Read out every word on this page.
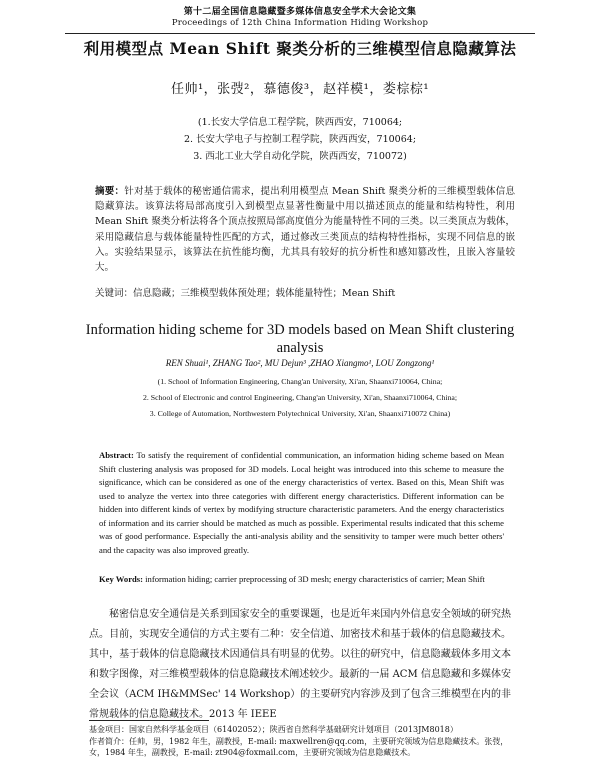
第十二届全国信息隐藏暨多媒体信息安全学术大会论文集
Proceedings of 12th China Information Hiding Workshop
利用模型点 Mean Shift 聚类分析的三维模型信息隐藏算法
任帅¹，张弢²，慕德俊³，赵祥模¹，娄棕棕¹
(1.长安大学信息工程学院，陕西西安，710064;
2. 长安大学电子与控制工程学院，陕西西安，710064;
3. 西北工业大学自动化学院，陕西西安，710072)
摘要：针对基于载体的秘密通信需求，提出利用模型点 Mean Shift 聚类分析的三维模型载体信息隐藏算法。该算法将局部高度引入到模型点显著性衡量中用以描述顶点的能量和结构特性，利用 Mean Shift 聚类分析法将各个顶点按照局部高度值分为能量特性不同的三类。以三类顶点为载体，采用隐藏信息与载体能量特性匹配的方式，通过修改三类顶点的结构特性指标，实现不同信息的嵌入。实验结果显示，该算法在抗性能均衡，尤其具有较好的抗分析性和感知篡改性，且嵌入容量较大。
关键词：信息隐藏；三维模型载体预处理；载体能量特性；Mean Shift
Information hiding scheme for 3D models based on Mean Shift clustering analysis
REN Shuai¹, ZHANG Tao², MU Dejun³ ,ZHAO Xiangmo¹, LOU Zongzong¹
(1. School of Information Engineering, Chang'an University, Xi'an, Shaanxi710064, China;
2. School of Electronic and control Engineering, Chang'an University, Xi'an, Shaanxi710064, China;
3. College of Automation, Northwestern Polytechnical University, Xi'an, Shaanxi710072 China)
Abstract: To satisfy the requirement of confidential communication, an information hiding scheme based on Mean Shift clustering analysis was proposed for 3D models. Local height was introduced into this scheme to measure the significance, which can be considered as one of the energy characteristics of vertex. Based on this, Mean Shift was used to analyze the vertex into three categories with different energy characteristics. Different information can be hidden into different kinds of vertex by modifying structure characteristic parameters. And the energy characteristics of information and its carrier should be matched as much as possible. Experimental results indicated that this scheme was of good performance. Especially the anti-analysis ability and the sensitivity to tamper were much better others' and the capacity was also improved greatly.
Key Words: information hiding; carrier preprocessing of 3D mesh; energy characteristics of carrier; Mean Shift
秘密信息安全通信是关系到国家安全的重要课题，也是近年来国内外信息安全领域的研究热点。目前，实现安全通信的方式主要有二种：安全信道、加密技术和基于载体的信息隐藏技术。其中，基于载体的信息隐藏技术因通信具有明显的优势。以往的研究中，信息隐藏载体多用文本和数字图像，对三维模型载体的信息隐藏技术阐述较少。最新的一届 ACM 信息隐藏和多媒体安全会议（ACM IH&MMSec' 14 Workshop）的主要研究内容涉及到了包含三维模型在内的非常规载体的信息隐藏技术。2013 年 IEEE
基金项目：国家自然科学基金项目（61402052）；陕西省自然科学基础研究计划项目（2013JM8018）
作者简介：任帅，男，1982 年生，副教授，E-mail: maxwellren@qq.com，主要研究领域为信息隐藏技术。张弢，女，1984 年生，副教授，E-mail: zt904@foxmail.com，主要研究领域为信息隐藏技术。
